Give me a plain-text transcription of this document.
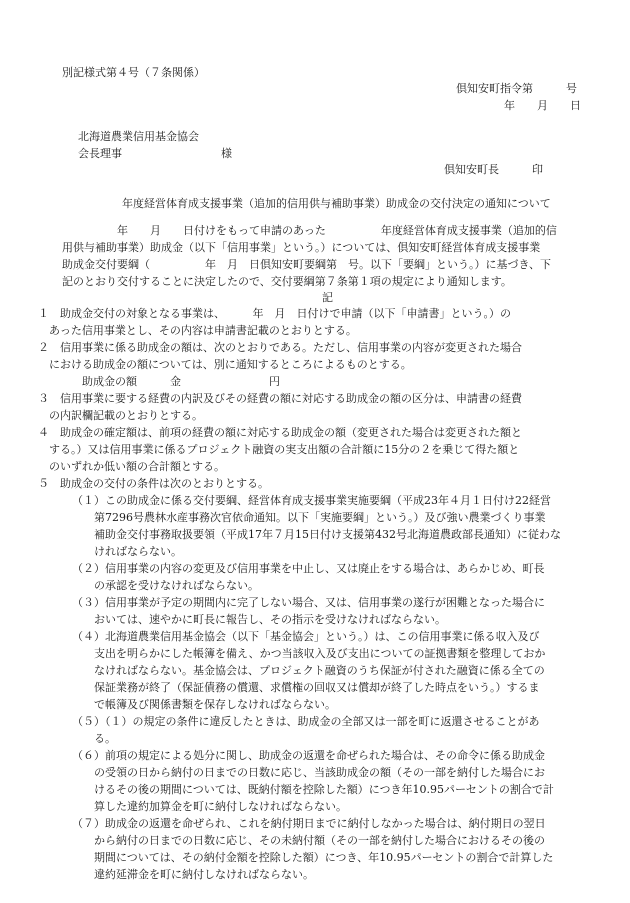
別記様式第４号（７条関係）
倶知安町指令第　　　号
年　　月　　日
北海道農業信用基金協会
会長理事　　　　　　　　　様
倶知安町長　　　印
年度経営体育成支援事業（追加的信用供与補助事業）助成金の交付決定の通知について

　　　　　年　　月　　日付けをもって申請のあった　　　　　年度経営体育成支援事業（追加的信

用供与補助事業）助成金（以下「信用事業」という。）については、倶知安町経営体育成支援事業

助成金交付要綱（　　　　　年　月　日倶知安町要綱第　号。以下「要綱」という。）に基づき、下

記のとおり交付することに決定したので、交付要綱第７条第１項の規定により通知します。

記

１　助成金交付の対象となる事業は、　　　年　月　日付けで申請（以下「申請書」という。）の

　あった信用事業とし、その内容は申請書記載のとおりとする。

２　信用事業に係る助成金の額は、次のとおりである。ただし、信用事業の内容が変更された場合

　における助成金の額については、別に通知するところによるものとする。

　　　　助成金の額　　　金　　　　　　　　円

３　信用事業に要する経費の内訳及びその経費の額に対応する助成金の額の区分は、申請書の経費

　の内訳欄記載のとおりとする。

４　助成金の確定額は、前項の経費の額に対応する助成金の額（変更された場合は変更された額と

　する。）又は信用事業に係るプロジェクト融資の実支出額の合計額に15分の２を乗じて得た額と

　のいずれか低い額の合計額とする。

５　助成金の交付の条件は次のとおりとする。

（１）この助成金に係る交付要綱、経営体育成支援事業実施要綱（平成23年４月１日付け22経営

　　第7296号農林水産事務次官依命通知。以下「実施要綱」という。）及び強い農業づくり事業

　　補助金交付事務取扱要領（平成17年７月15日付け支援第432号北海道農政部長通知）に従わな

　　ければならない。

（２）信用事業の内容の変更及び信用事業を中止し、又は廃止をする場合は、あらかじめ、町長

　　の承認を受けなければならない。

（３）信用事業が予定の期間内に完了しない場合、又は、信用事業の遂行が困難となった場合に

　　おいては、速やかに町長に報告し、その指示を受けなければならない。

（４）北海道農業信用基金協会（以下「基金協会」という。）は、この信用事業に係る収入及び

　　支出を明らかにした帳簿を備え、かつ当該収入及び支出についての証拠書類を整理しておか

　　なければならない。基金協会は、プロジェクト融資のうち保証が付された融資に係る全ての

　　保証業務が終了（保証債務の償還、求償権の回収又は償却が終了した時点をいう。）するま

　　で帳簿及び関係書類を保存しなければならない。

（５）（１）の規定の条件に違反したときは、助成金の全部又は一部を町に返還させることがあ

　　る。

（６）前項の規定による処分に関し、助成金の返還を命ぜられた場合は、その命令に係る助成金

　　の受領の日から納付の日までの日数に応じ、当該助成金の額（その一部を納付した場合にお

　　けるその後の期間については、既納付額を控除した額）につき年10.95パーセントの割合で計

　　算した違約加算金を町に納付しなければならない。

（７）助成金の返還を命ぜられ、これを納付期日までに納付しなかった場合は、納付期日の翌日

　　から納付の日までの日数に応じ、その未納付額（その一部を納付した場合におけるその後の

　　期間については、その納付金額を控除した額）につき、年10.95パーセントの割合で計算した

　　違約延滞金を町に納付しなければならない。
